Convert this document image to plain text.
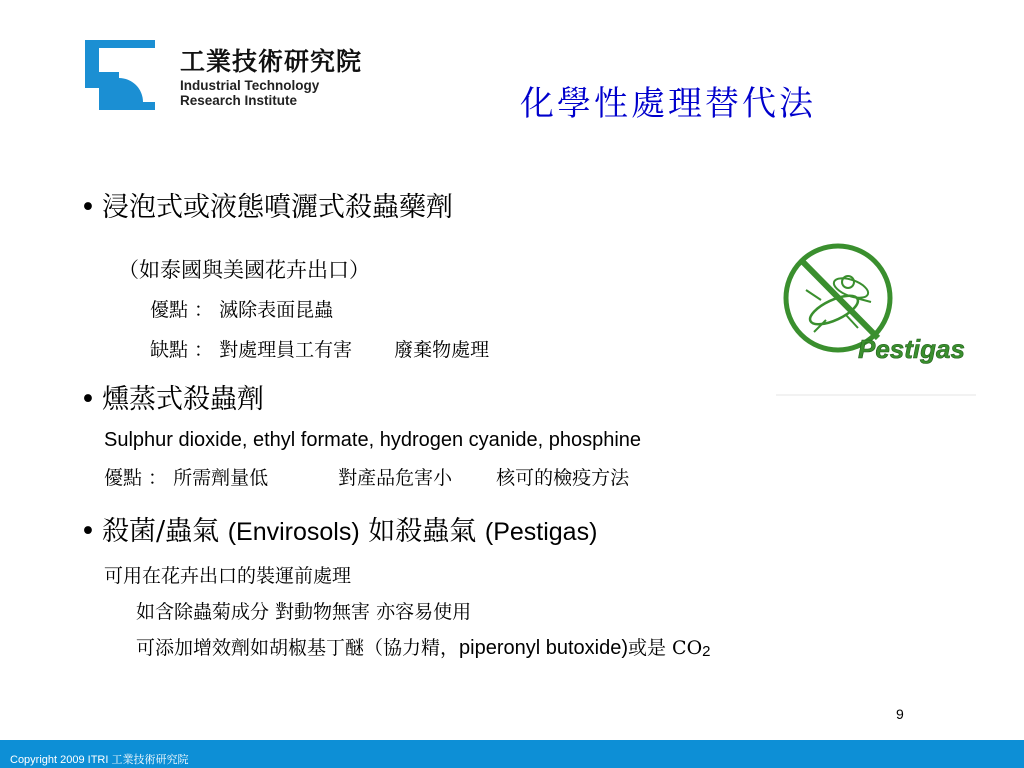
工業技術研究院
Industrial Technology
Research Institute	化學性處理替代法
• 浸泡式或液態噴灑式殺蟲藥劑
（如泰國與美國花卉出口）
優點 ： 滅除表面昆蟲
缺點 ： 對處理員工有害 廢棄物處理	Pestigas
• 燻蒸式殺蟲劑
Sulphur dioxide, ethyl formate, hydrogen cyanide, phosphine
優點 ： 所需劑量低	對產品危害小 核可的檢疫方法
• 殺菌/蟲氣 (Envirosols) 如殺蟲氣 (Pestigas)
可用在花卉出口的裝運前處理
如含除蟲菊成分 對動物無害 亦容易使用
可添加增效劑如胡椒基丁醚（協力精，piperonyl butoxide)或是 $CO_2$
9
Copyright 2009 ITRI 工業技術研究院
